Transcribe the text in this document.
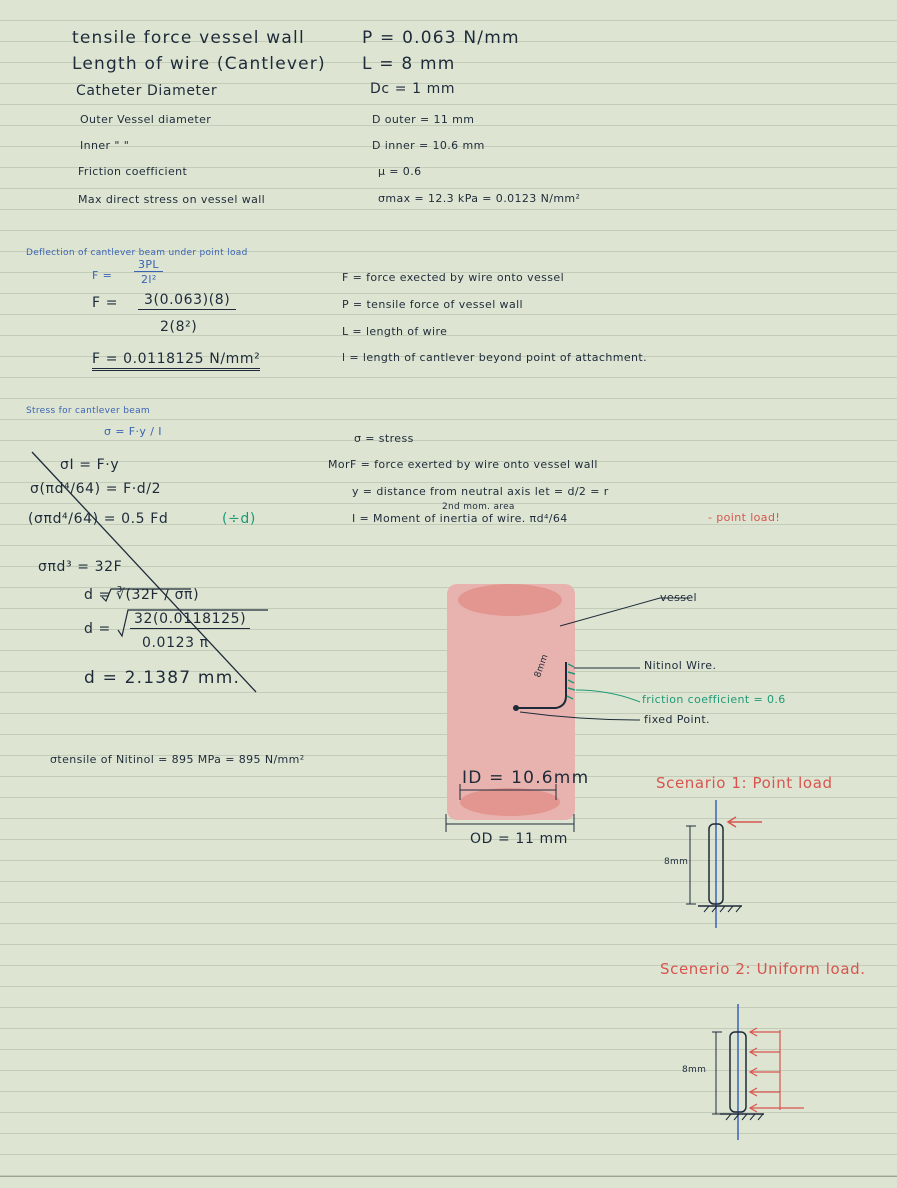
tensile force vessel wall	P = 0.063 N/mm
Length of wire (Cantlever) L = 8 mm
Catheter Diameter	Dc = 1 mm
Outer Vessel diameter	D outer = 11 mm
Inner " "	D inner = 10.6 mm
Friction coefficient	μ = 0.6
Max direct stress on vessel wall	σmax = 12.3 kPa = 0.0123 N/mm²
Deflection of cantlever beam under point load
F =
3PL
2l²
F =	3(0.063)(8)
2(8²)
F = 0.0118125 N/mm²
F = force exected by wire onto vessel
P = tensile force of vessel wall
L = length of wire
l = length of cantlever beyond point of attachment.
Stress for cantlever beam
σ = F·y / I
σI = F·y
σ(πd⁴/64) = F·d/2
(σπd⁴/64) = 0.5 Fd	(÷d)
σπd³ = 32F
d = ∛(32F / σπ)
d =
32(0.0118125)
0.0123 π
d = 2.1387 mm.
σ = stress
MorF = force exerted by wire onto vessel wall
y = distance from neutral axis let = d/2 = r
2nd mom. area
I = Moment of inertia of wire. πd⁴/64	- point load!
σtensile of Nitinol = 895 MPa = 895 N/mm²
vessel
Nitinol Wire.
friction coefficient = 0.6
fixed Point.
8mm
ID = 10.6mm
OD = 11 mm
Scenario 1: Point load
8mm
Scenerio 2: Uniform load.
8mm
